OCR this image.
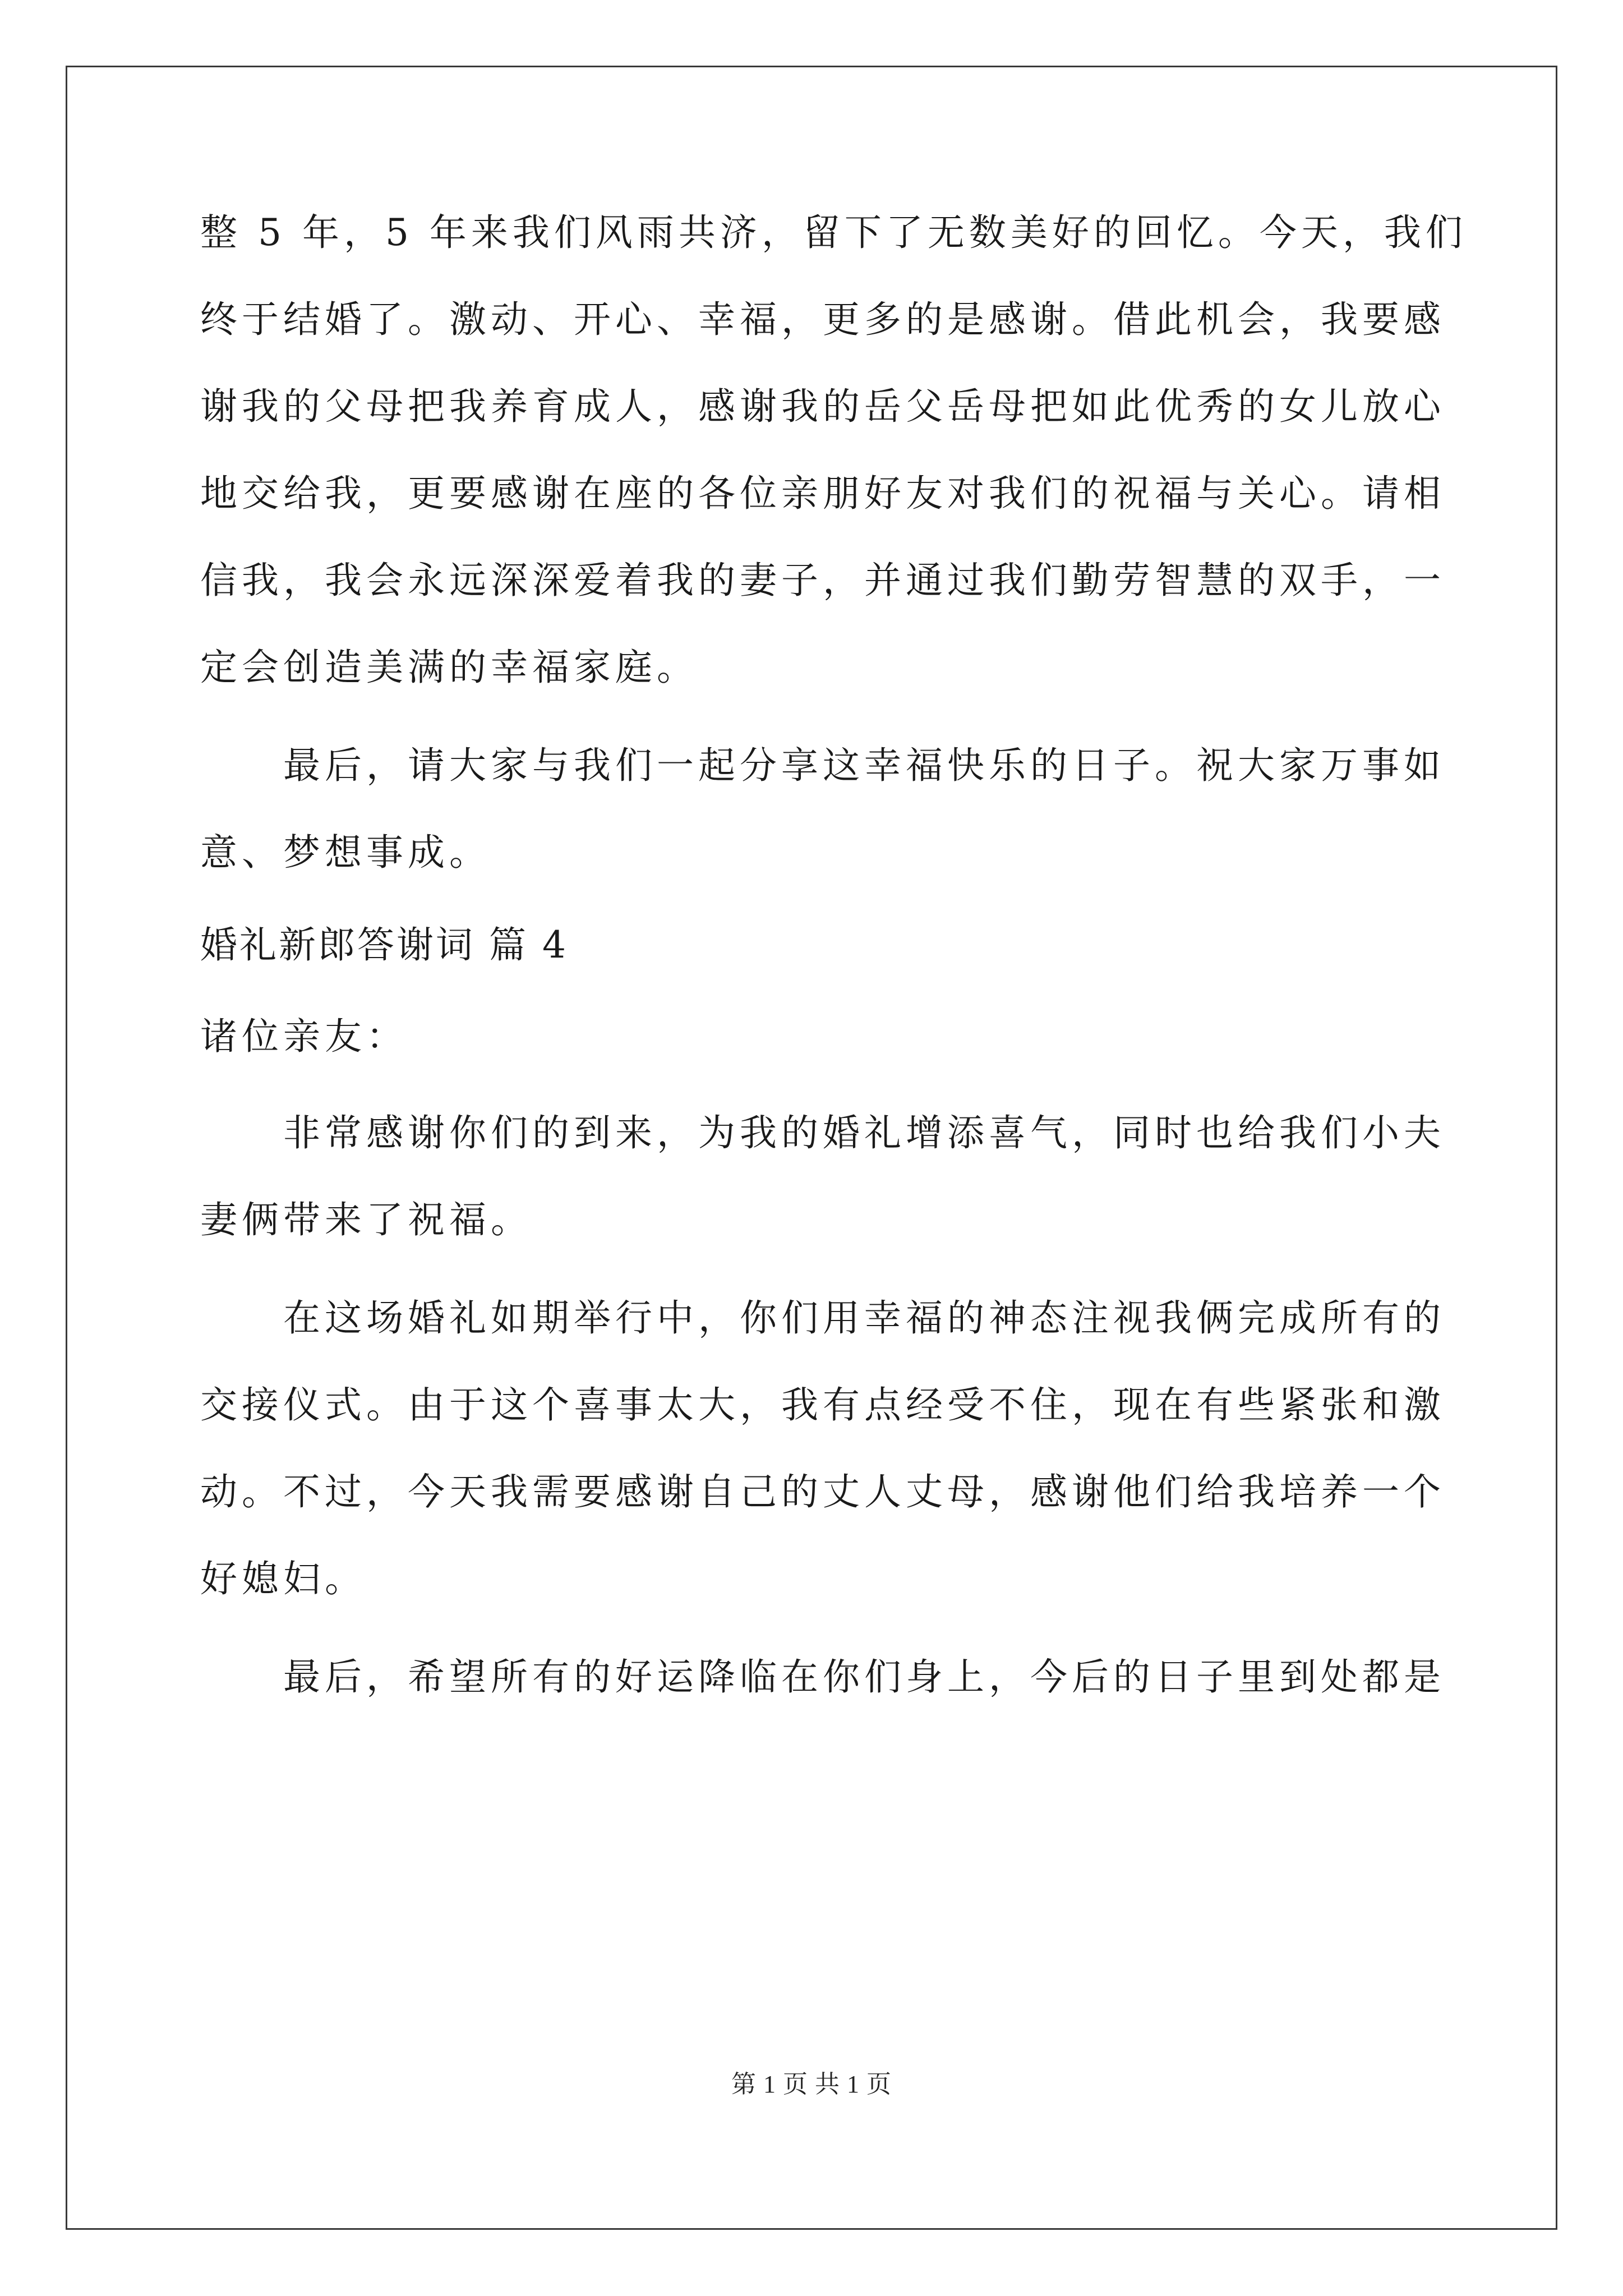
整 5 年，5 年来我们风雨共济，留下了无数美好的回忆。今天，我们
终于结婚了。激动、开心、幸福，更多的是感谢。借此机会，我要感
谢我的父母把我养育成人，感谢我的岳父岳母把如此优秀的女儿放心
地交给我，更要感谢在座的各位亲朋好友对我们的祝福与关心。请相
信我，我会永远深深爱着我的妻子，并通过我们勤劳智慧的双手，一
定会创造美满的幸福家庭。
最后，请大家与我们一起分享这幸福快乐的日子。祝大家万事如
意、梦想事成。
婚礼新郎答谢词 篇 4
诸位亲友：
非常感谢你们的到来，为我的婚礼增添喜气，同时也给我们小夫
妻俩带来了祝福。
在这场婚礼如期举行中，你们用幸福的神态注视我俩完成所有的
交接仪式。由于这个喜事太大，我有点经受不住，现在有些紧张和激
动。不过，今天我需要感谢自己的丈人丈母，感谢他们给我培养一个
好媳妇。
最后，希望所有的好运降临在你们身上，今后的日子里到处都是
第 1 页 共 1 页
